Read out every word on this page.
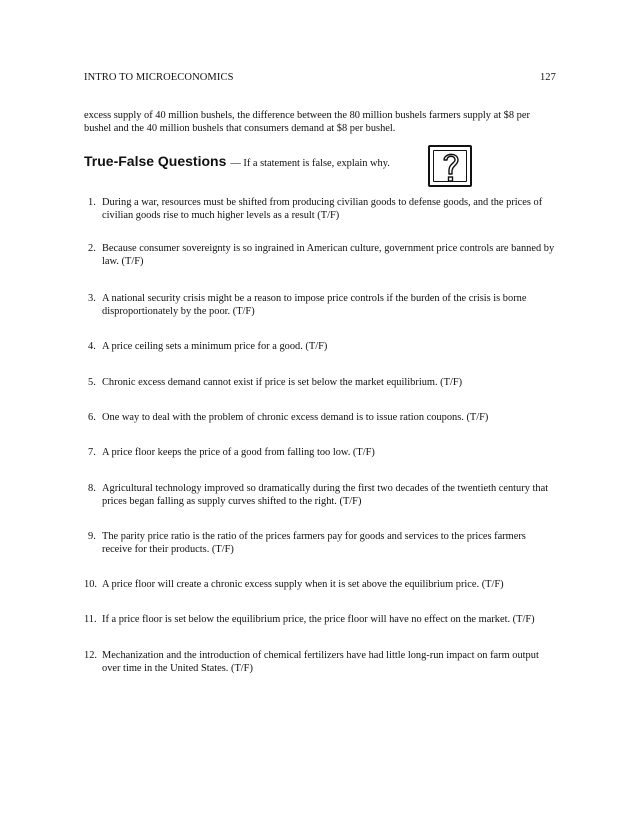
INTRO TO MICROECONOMICS	127
excess supply of 40 million bushels, the difference between the 80 million bushels farmers supply at $8 per bushel and the 40 million bushels that consumers demand at $8 per bushel.
True-False Questions — If a statement is false, explain why.
1. During a war, resources must be shifted from producing civilian goods to defense goods, and the prices of civilian goods rise to much higher levels as a result (T/F)
2. Because consumer sovereignty is so ingrained in American culture, government price controls are banned by law. (T/F)
3. A national security crisis might be a reason to impose price controls if the burden of the crisis is borne disproportionately by the poor. (T/F)
4. A price ceiling sets a minimum price for a good. (T/F)
5. Chronic excess demand cannot exist if price is set below the market equilibrium. (T/F)
6. One way to deal with the problem of chronic excess demand is to issue ration coupons. (T/F)
7. A price floor keeps the price of a good from falling too low. (T/F)
8. Agricultural technology improved so dramatically during the first two decades of the twentieth century that prices began falling as supply curves shifted to the right. (T/F)
9. The parity price ratio is the ratio of the prices farmers pay for goods and services to the prices farmers receive for their products. (T/F)
10. A price floor will create a chronic excess supply when it is set above the equilibrium price. (T/F)
11. If a price floor is set below the equilibrium price, the price floor will have no effect on the market. (T/F)
12. Mechanization and the introduction of chemical fertilizers have had little long-run impact on farm output over time in the United States. (T/F)
